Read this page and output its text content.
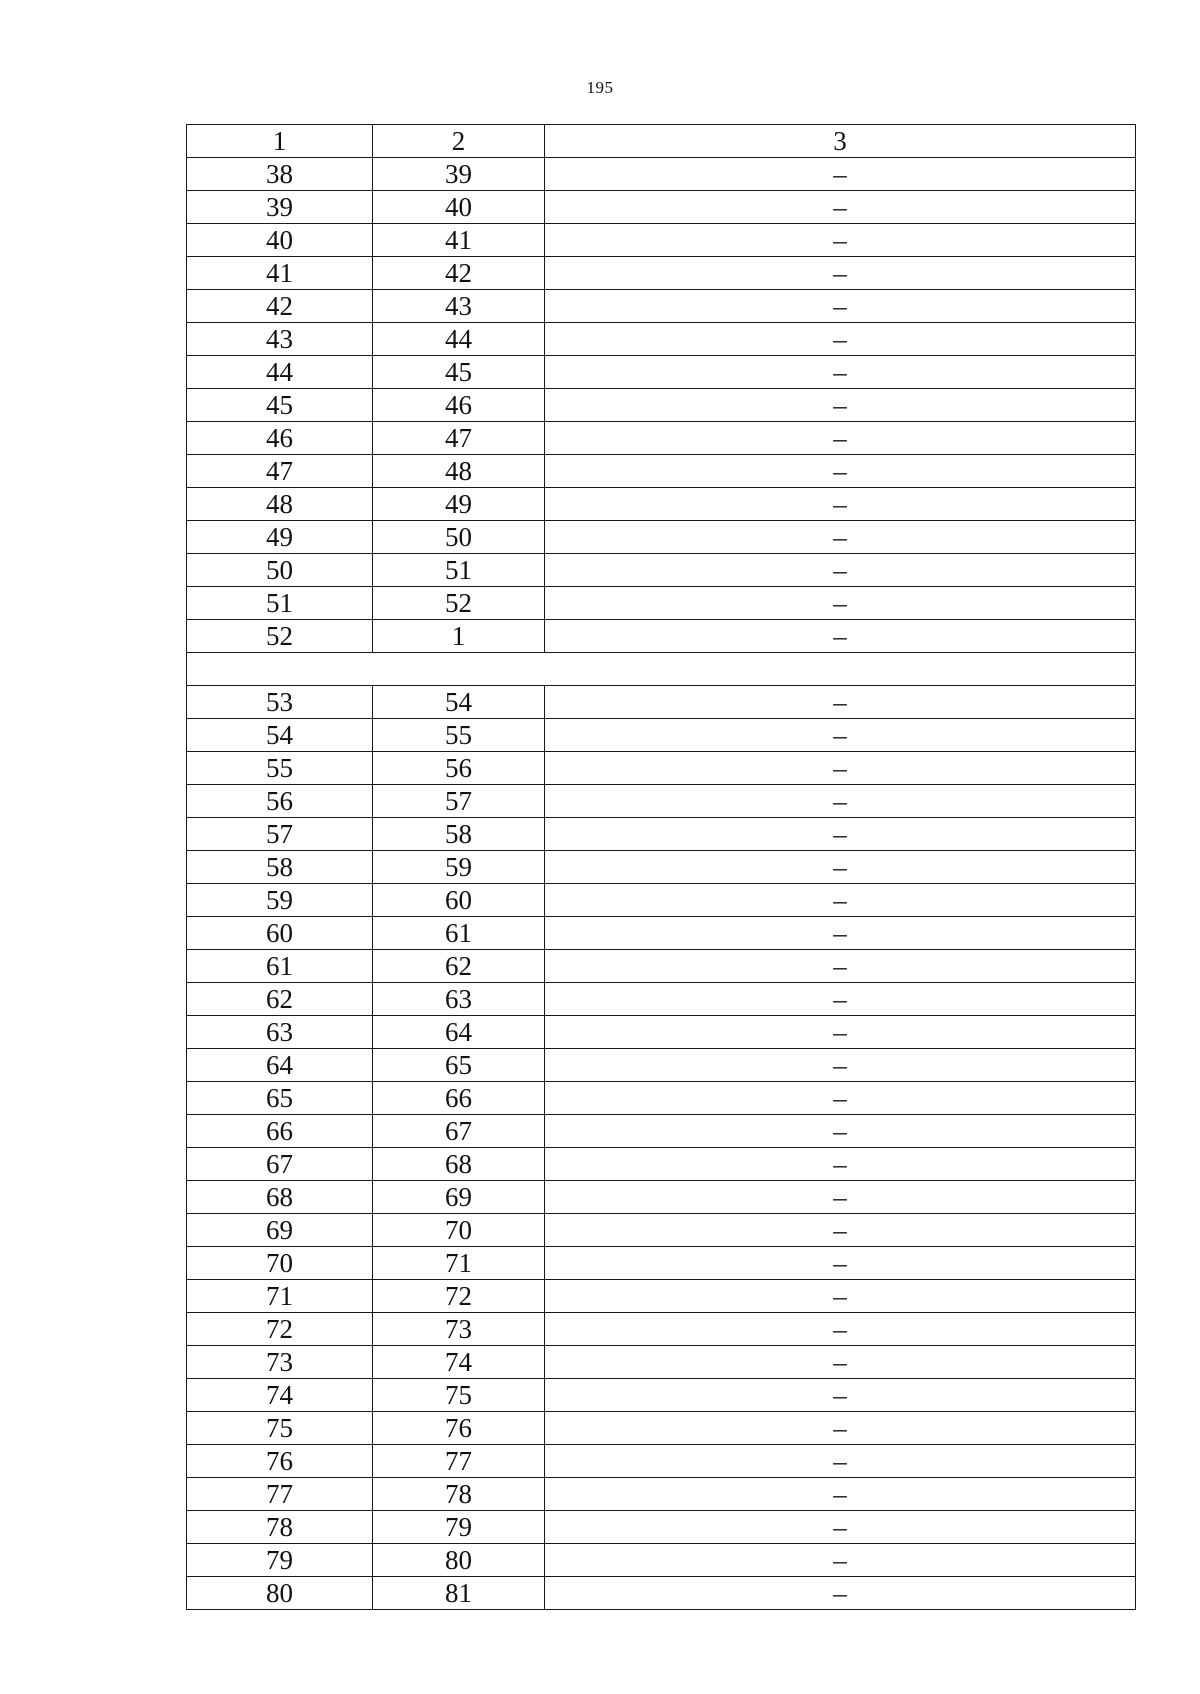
195
1	2	3
38	39	–
39	40	–
40	41	–
41	42	–
42	43	–
43	44	–
44	45	–
45	46	–
46	47	–
47	48	–
48	49	–
49	50	–
50	51	–
51	52	–
52	1	–

53	54	–
54	55	–
55	56	–
56	57	–
57	58	–
58	59	–
59	60	–
60	61	–
61	62	–
62	63	–
63	64	–
64	65	–
65	66	–
66	67	–
67	68	–
68	69	–
69	70	–
70	71	–
71	72	–
72	73	–
73	74	–
74	75	–
75	76	–
76	77	–
77	78	–
78	79	–
79	80	–
80	81	–
